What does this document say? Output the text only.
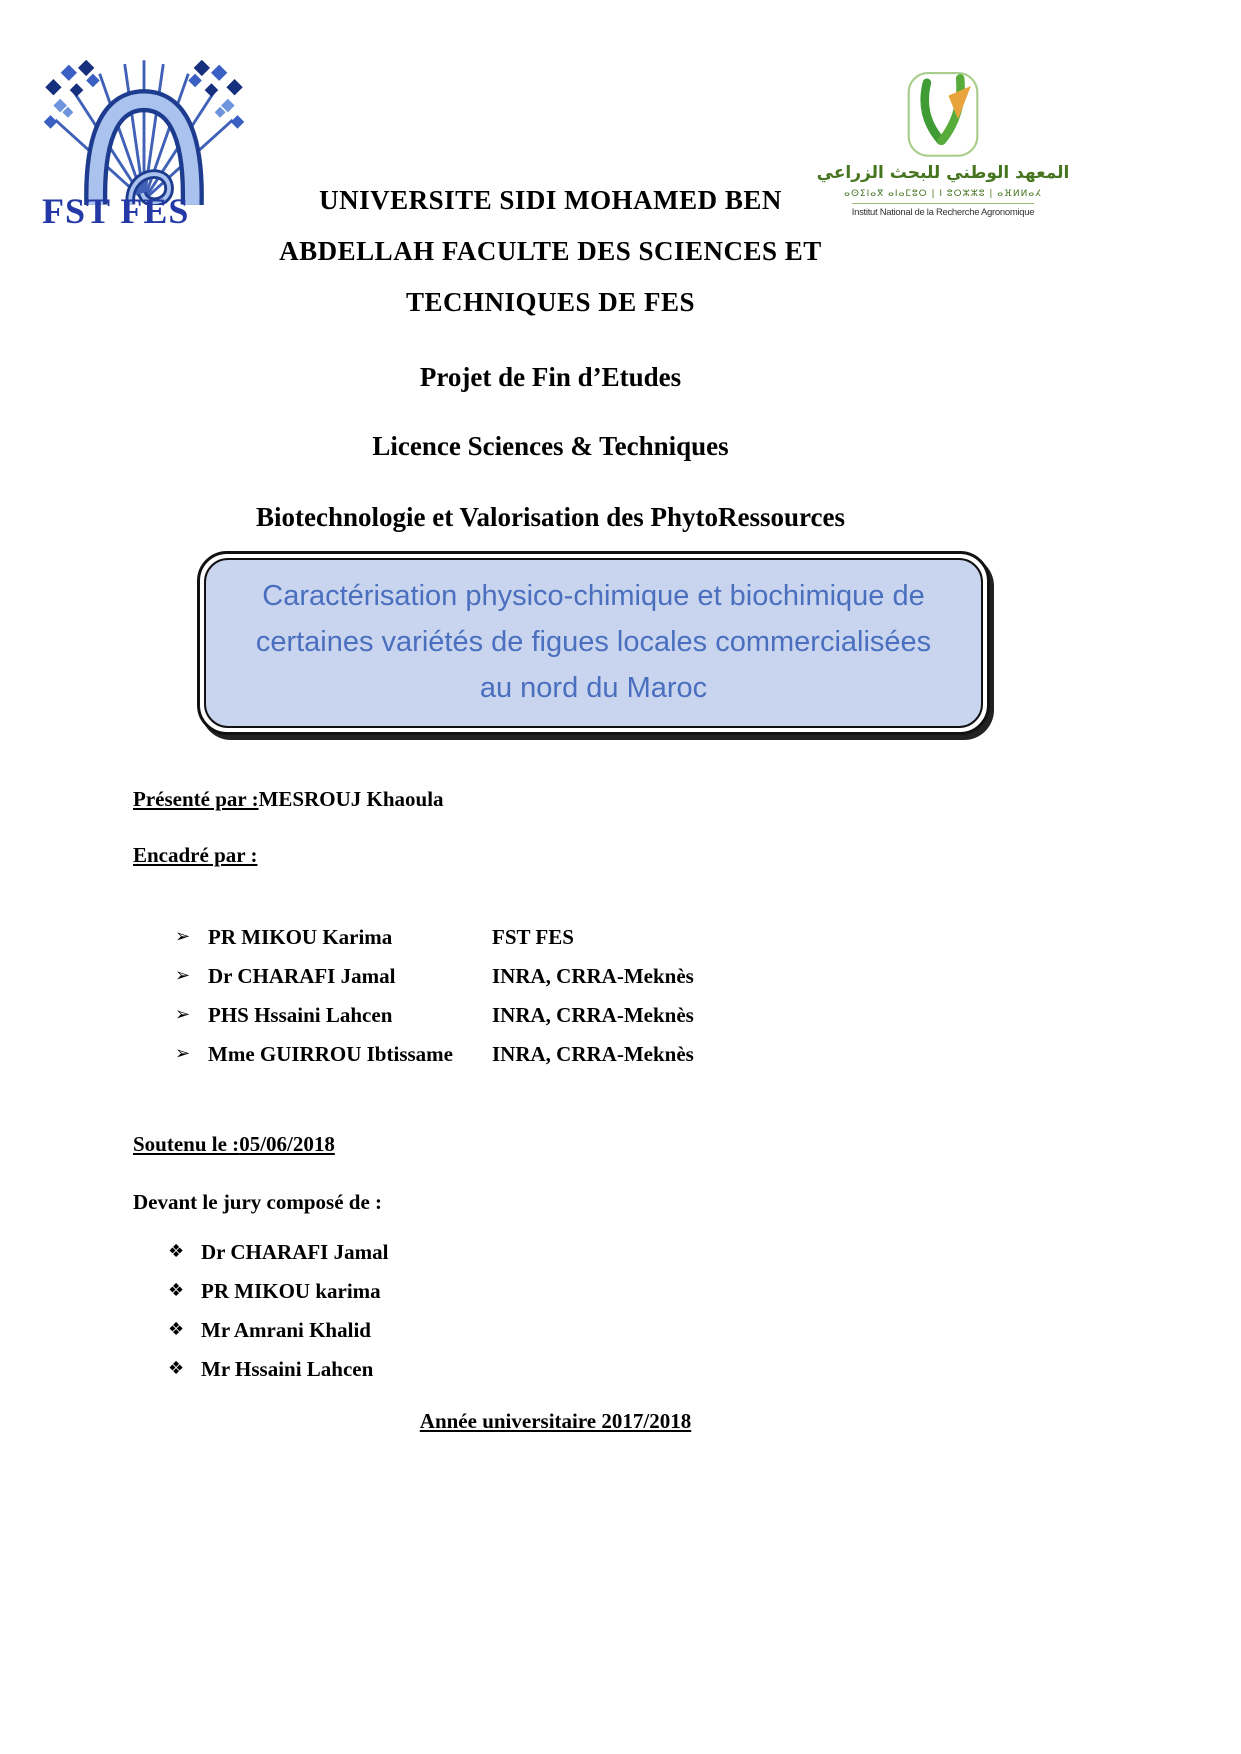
FST FES
المعهد الوطني للبحث الزراعي
ⴰⵙⵉⵏⴰⴳ ⴰⵏⴰⵎⵓⵔ | ⵏ ⵓⵔⵣⵣⵓ | ⴰⴼⵍⵍⴰⵃ
Institut National de la Recherche Agronomique
UNIVERSITE SIDI MOHAMED BEN
ABDELLAH FACULTE DES SCIENCES ET
TECHNIQUES DE FES
Projet de Fin d’Etudes
Licence Sciences & Techniques
Biotechnologie et Valorisation des PhytoRessources
Caractérisation physico-chimique et biochimique de
certaines variétés de figues locales commercialisées
au nord du Maroc
Présenté par :MESROUJ Khaoula
Encadré par :
➢ PR MIKOU Karima	FST FES
➢ Dr CHARAFI Jamal	INRA, CRRA-Meknès
➢ PHS Hssaini Lahcen	INRA, CRRA-Meknès
➢ Mme GUIRROU Ibtissame	INRA, CRRA-Meknès
Soutenu le :05/06/2018
Devant le jury composé de :
❖ Dr CHARAFI Jamal
❖ PR MIKOU karima
❖ Mr Amrani Khalid
❖ Mr Hssaini Lahcen
Année universitaire 2017/2018
